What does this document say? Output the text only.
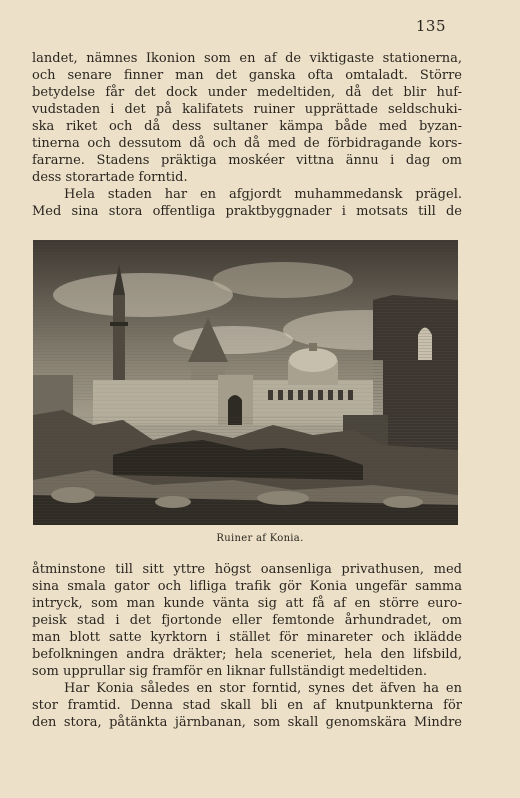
135
landet, nämnes Ikonion som en af de viktigaste stationerna,
och senare finner man det ganska ofta omtaladt. Större
betydelse får det dock under medeltiden, då det blir huf-
vudstaden i det på kalifatets ruiner upprättade seldschuki-
ska riket och då dess sultaner kämpa både med byzan-
tinerna och dessutom då och då med de förbidragande kors-
fararne. Stadens präktiga moskéer vittna ännu i dag om
dess storartade forntid.
Hela staden har en afgjordt muhammedansk prägel.
Med sina stora offentliga praktbyggnader i motsats till de
Ruiner af Konia.
åtminstone till sitt yttre högst oansenliga privathusen, med
sina smala gator och lifliga trafik gör Konia ungefär samma
intryck, som man kunde vänta sig att få af en större euro-
peisk stad i det fjortonde eller femtonde århundradet, om
man blott satte kyrktorn i stället för minareter och iklädde
befolkningen andra dräkter; hela sceneriet, hela den lifsbild,
som upprullar sig framför en liknar fullständigt medeltiden.
Har Konia således en stor forntid, synes det äfven ha en
stor framtid. Denna stad skall bli en af knutpunkterna för
den stora, påtänkta järnbanan, som skall genomskära Mindre
